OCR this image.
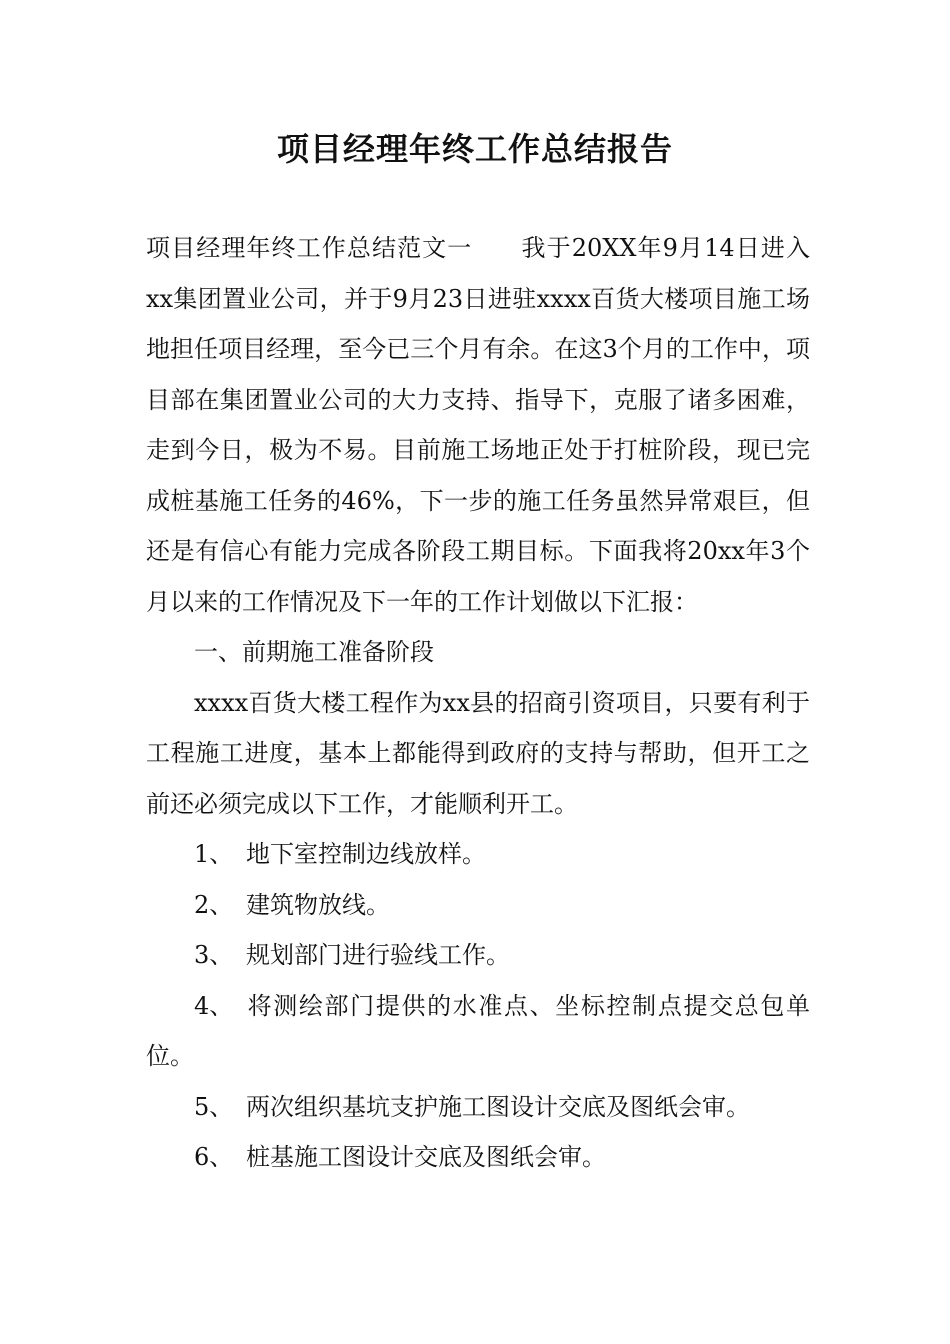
项目经理年终工作总结报告

项目经理年终工作总结范文一 我于20XX年9月14日进入xx集团置业公司，并于9月23日进驻xxxx百货大楼项目施工场地担任项目经理，至今已三个月有余。在这3个月的工作中，项目部在集团置业公司的大力支持、指导下，克服了诸多困难，走到今日，极为不易。目前施工场地正处于打桩阶段，现已完成桩基施工任务的46%，下一步的施工任务虽然异常艰巨，但还是有信心有能力完成各阶段工期目标。下面我将20xx年3个月以来的工作情况及下一年的工作计划做以下汇报：

一、前期施工准备阶段

xxxx百货大楼工程作为xx县的招商引资项目，只要有利于工程施工进度，基本上都能得到政府的支持与帮助，但开工之前还必须完成以下工作，才能顺利开工。

1、 地下室控制边线放样。

2、 建筑物放线。

3、 规划部门进行验线工作。

4、 将测绘部门提供的水准点、坐标控制点提交总包单位。

5、 两次组织基坑支护施工图设计交底及图纸会审。

6、 桩基施工图设计交底及图纸会审。
